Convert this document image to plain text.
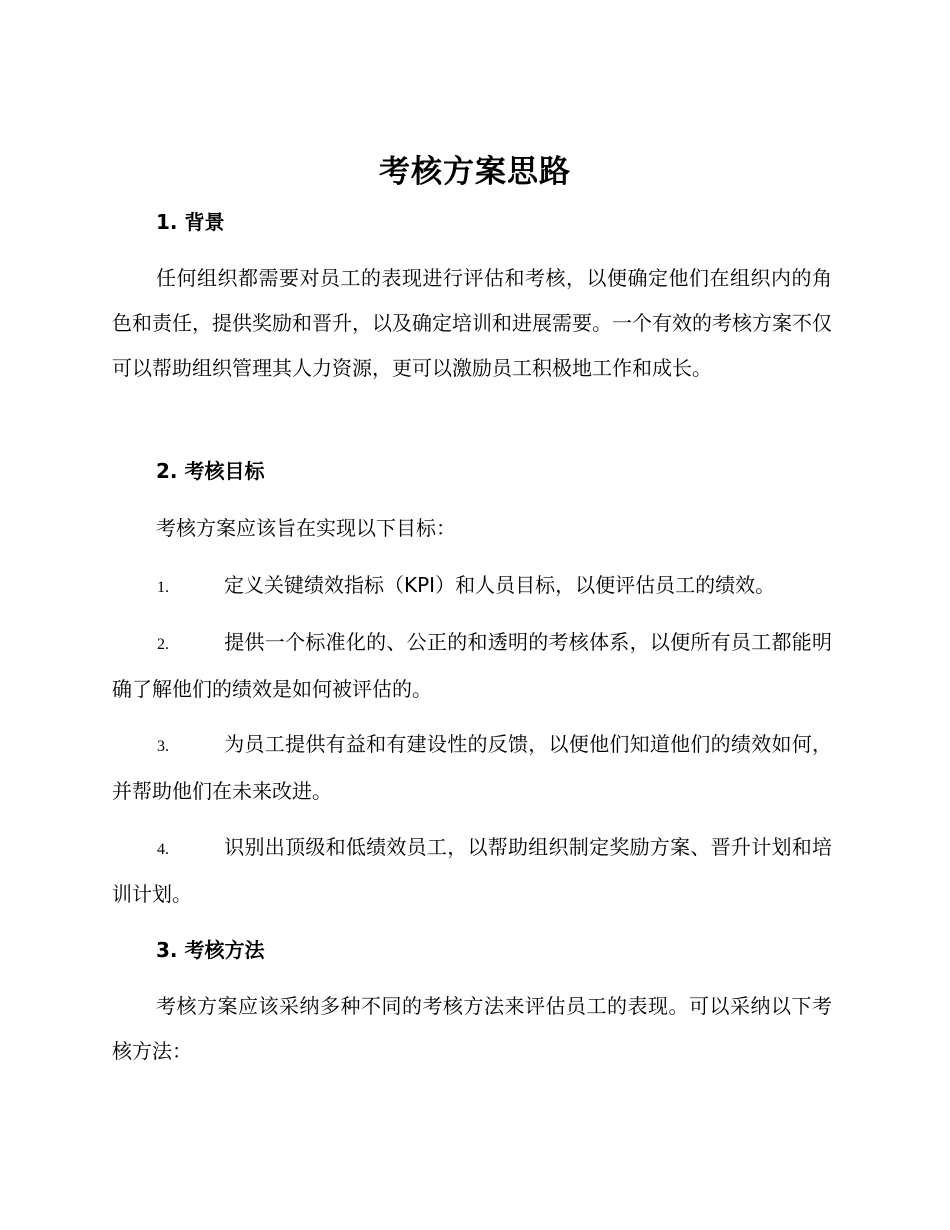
考核方案思路
1. 背景

任何组织都需要对员工的表现进行评估和考核，以便确定他们在组织内的角色和责任，提供奖励和晋升，以及确定培训和进展需要。一个有效的考核方案不仅可以帮助组织管理其人力资源，更可以激励员工积极地工作和成长。

2. 考核目标

考核方案应该旨在实现以下目标：

1.	定义关键绩效指标（KPI）和人员目标，以便评估员工的绩效。

2.	提供一个标准化的、公正的和透明的考核体系，以便所有员工都能明确了解他们的绩效是如何被评估的。

3.	为员工提供有益和有建设性的反馈，以便他们知道他们的绩效如何，并帮助他们在未来改进。

4.	识别出顶级和低绩效员工，以帮助组织制定奖励方案、晋升计划和培训计划。

3. 考核方法

考核方案应该采纳多种不同的考核方法来评估员工的表现。可以采纳以下考核方法：
